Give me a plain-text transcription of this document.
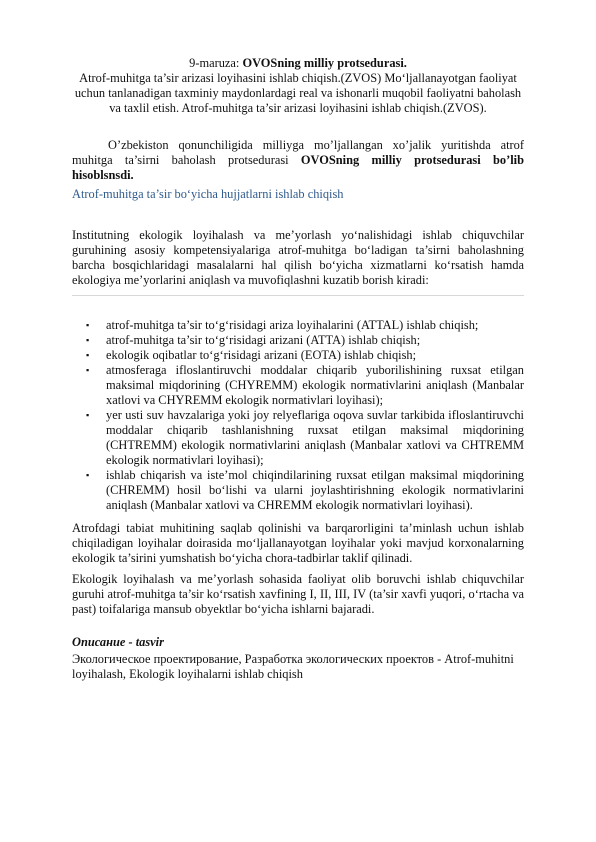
9-maruza: OVOSning milliy protsedurasi.
Atrof-muhitga ta’sir arizasi loyihasini ishlab chiqish.(ZVOS) Mo‘ljallanayotgan faoliyat uchun tanlanadigan taxminiy maydonlardagi real va ishonarli muqobil faoliyatni baholash va taxlil etish. Atrof-muhitga ta’sir arizasi loyihasini ishlab chiqish.(ZVOS).

O’zbekiston qonunchiligida milliyga mo’ljallangan xo’jalik yuritishda atrof muhitga ta’sirni baholash protsedurasi OVOSning milliy protsedurasi bo’lib hisoblsnsdi.

Atrof-muhitga ta’sir bo‘yicha hujjatlarni ishlab chiqish

Institutning ekologik loyihalash va me’yorlash yo‘nalishidagi ishlab chiquvchilar guruhining asosiy kompetensiyalariga atrof-muhitga bo‘ladigan ta’sirni baholashning barcha bosqichlaridagi masalalarni hal qilish bo‘yicha xizmatlarni ko‘rsatish hamda ekologiya me’yorlarini aniqlash va muvofiqlashni kuzatib borish kiradi:

▪ atrof-muhitga ta’sir to‘g‘risidagi ariza loyihalarini (ATTAL) ishlab chiqish;
▪ atrof-muhitga ta’sir to‘g‘risidagi arizani (ATTA) ishlab chiqish;
▪ ekologik oqibatlar to‘g‘risidagi arizani (EOTA) ishlab chiqish;
▪ atmosferaga ifloslantiruvchi moddalar chiqarib yuborilishining ruxsat etilgan maksimal miqdorining (CHYREMM) ekologik normativlarini aniqlash (Manbalar xatlovi va CHYREMM ekologik normativlari loyihasi);
▪ yer usti suv havzalariga yoki joy relyeflariga oqova suvlar tarkibida ifloslantiruvchi moddalar chiqarib tashlanishning ruxsat etilgan maksimal miqdorining (CHTREMM) ekologik normativlarini aniqlash (Manbalar xatlovi va CHTREMM ekologik normativlari loyihasi);
▪ ishlab chiqarish va iste’mol chiqindilarining ruxsat etilgan maksimal miqdorining (CHREMM) hosil bo‘lishi va ularni joylashtirishning ekologik normativlarini aniqlash (Manbalar xatlovi va CHREMM ekologik normativlari loyihasi).

Atrofdagi tabiat muhitining saqlab qolinishi va barqarorligini ta’minlash uchun ishlab chiqiladigan loyihalar doirasida mo‘ljallanayotgan loyihalar yoki mavjud korxonalarning ekologik ta’sirini yumshatish bo‘yicha chora-tadbirlar taklif qilinadi.

Ekologik loyihalash va me’yorlash sohasida faoliyat olib boruvchi ishlab chiquvchilar guruhi atrof-muhitga ta’sir ko‘rsatish xavfining I, II, III, IV (ta’sir xavfi yuqori, o‘rtacha va past) toifalariga mansub obyektlar bo‘yicha ishlarni bajaradi.

Описание - tasvir

Экологическое проектирование, Разработка экологических проектов - Atrof-muhitni loyihalash, Ekologik loyihalarni ishlab chiqish
